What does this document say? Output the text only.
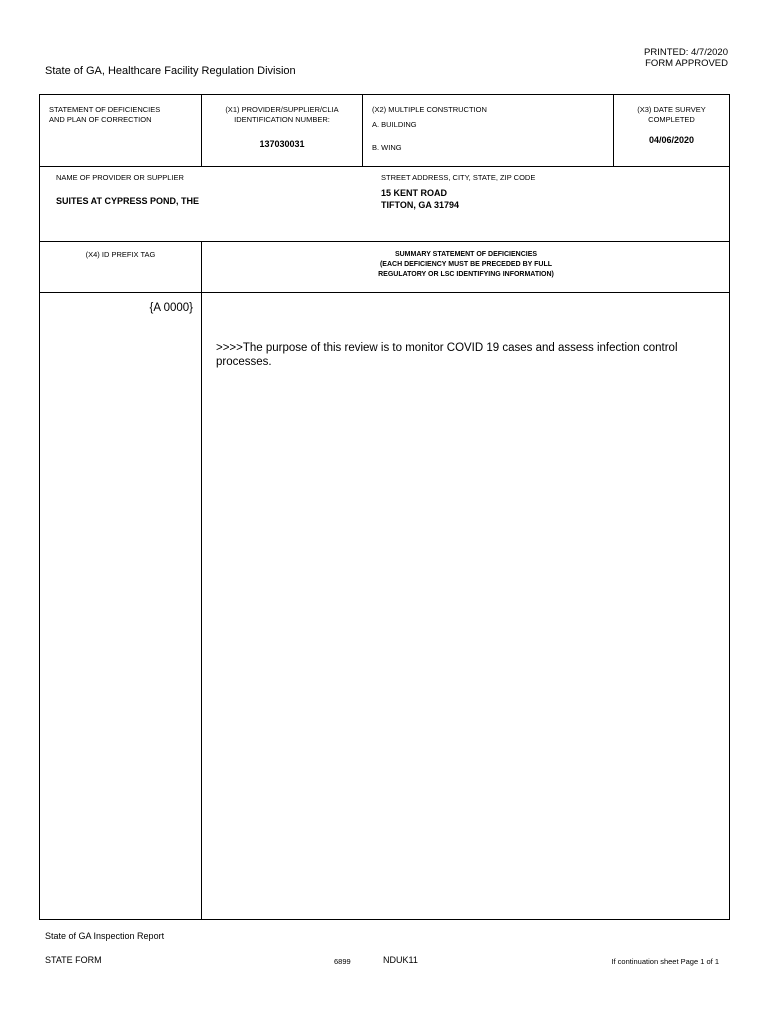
PRINTED: 4/7/2020
FORM APPROVED
State of GA, Healthcare Facility Regulation Division
STATEMENT OF DEFICIENCIES
AND PLAN OF CORRECTION
(X1) PROVIDER/SUPPLIER/CLIA
IDENTIFICATION NUMBER:
137030031
(X2) MULTIPLE CONSTRUCTION
A. BUILDING
B. WING
(X3) DATE SURVEY
COMPLETED
04/06/2020
NAME OF PROVIDER OR SUPPLIER
SUITES AT CYPRESS POND, THE
STREET ADDRESS, CITY, STATE, ZIP CODE
15 KENT ROAD
TIFTON, GA 31794
(X4) ID PREFIX TAG	SUMMARY STATEMENT OF DEFICIENCIES
(EACH DEFICIENCY MUST BE PRECEDED BY FULL
REGULATORY OR LSC IDENTIFYING INFORMATION)
{A 0000}
>>>>The purpose of this review is to monitor COVID 19 cases and assess infection control
processes.
State of GA Inspection Report
STATE FORM	6899	NDUK11	If continuation sheet Page 1 of 1
